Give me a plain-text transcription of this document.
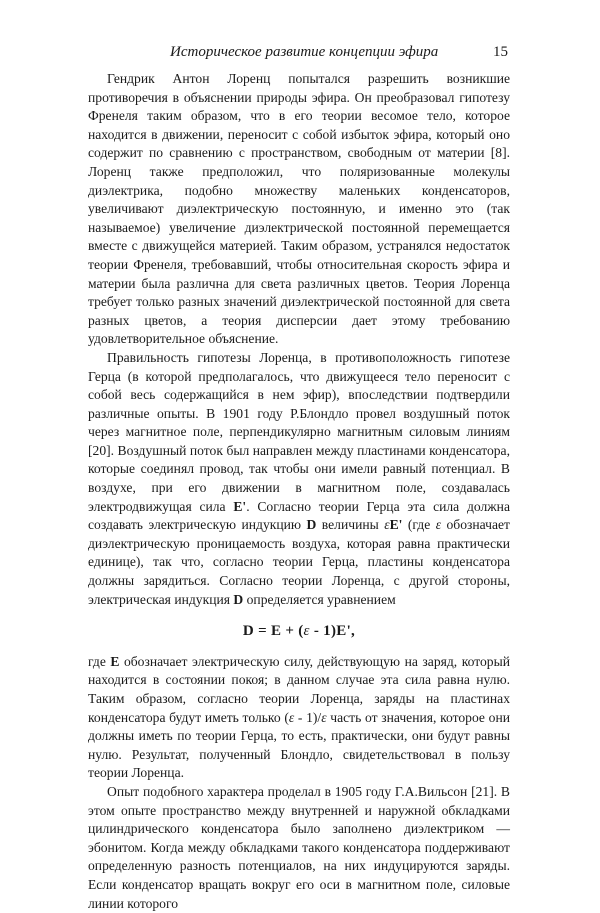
Историческое развитие концепции эфира	15

Гендрик Антон Лоренц попытался разрешить возникшие противоречия в объяснении природы эфира. Он преобразовал гипотезу Френеля таким образом, что в его теории весомое тело, которое находится в движении, переносит с собой избыток эфира, который оно содержит по сравнению с пространством, свободным от материи [8]. Лоренц также предположил, что поляризованные молекулы диэлектрика, подобно множеству маленьких конденсаторов, увеличивают диэлектрическую постоянную, и именно это (так называемое) увеличение диэлектрической постоянной перемещается вместе с движущейся материей. Таким образом, устранялся недостаток теории Френеля, требовавший, чтобы относительная скорость эфира и материи была различна для света различных цветов. Теория Лоренца требует только разных значений диэлектрической постоянной для света разных цветов, а теория дисперсии дает этому требованию удовлетворительное объяснение.

Правильность гипотезы Лоренца, в противоположность гипотезе Герца (в которой предполагалось, что движущееся тело переносит с собой весь содержащийся в нем эфир), впоследствии подтвердили различные опыты. В 1901 году Р.Блондло провел воздушный поток через магнитное поле, перпендикулярно магнитным силовым линиям [20]. Воздушный поток был направлен между пластинами конденсатора, которые соединял провод, так чтобы они имели равный потенциал. В воздухе, при его движении в магнитном поле, создавалась электродвижущая сила E'. Согласно теории Герца эта сила должна создавать электрическую индукцию D величины εE' (где ε обозначает диэлектрическую проницаемость воздуха, которая равна практически единице), так что, согласно теории Герца, пластины конденсатора должны зарядиться. Согласно теории Лоренца, с другой стороны, электрическая индукция D определяется уравнением

D = E + (ε - 1)E',

где E обозначает электрическую силу, действующую на заряд, который находится в состоянии покоя; в данном случае эта сила равна нулю. Таким образом, согласно теории Лоренца, заряды на пластинах конденсатора будут иметь только (ε - 1)/ε часть от значения, которое они должны иметь по теории Герца, то есть, практически, они будут равны нулю. Результат, полученный Блондло, свидетельствовал в пользу теории Лоренца.

Опыт подобного характера проделал в 1905 году Г.А.Вильсон [21]. В этом опыте пространство между внутренней и наружной обкладками цилиндрического конденсатора было заполнено диэлектриком — эбонитом. Когда между обкладками такого конденсатора поддерживают определенную разность потенциалов, на них индуцируются заряды. Если конденсатор вращать вокруг его оси в магнитном поле, силовые линии которого
